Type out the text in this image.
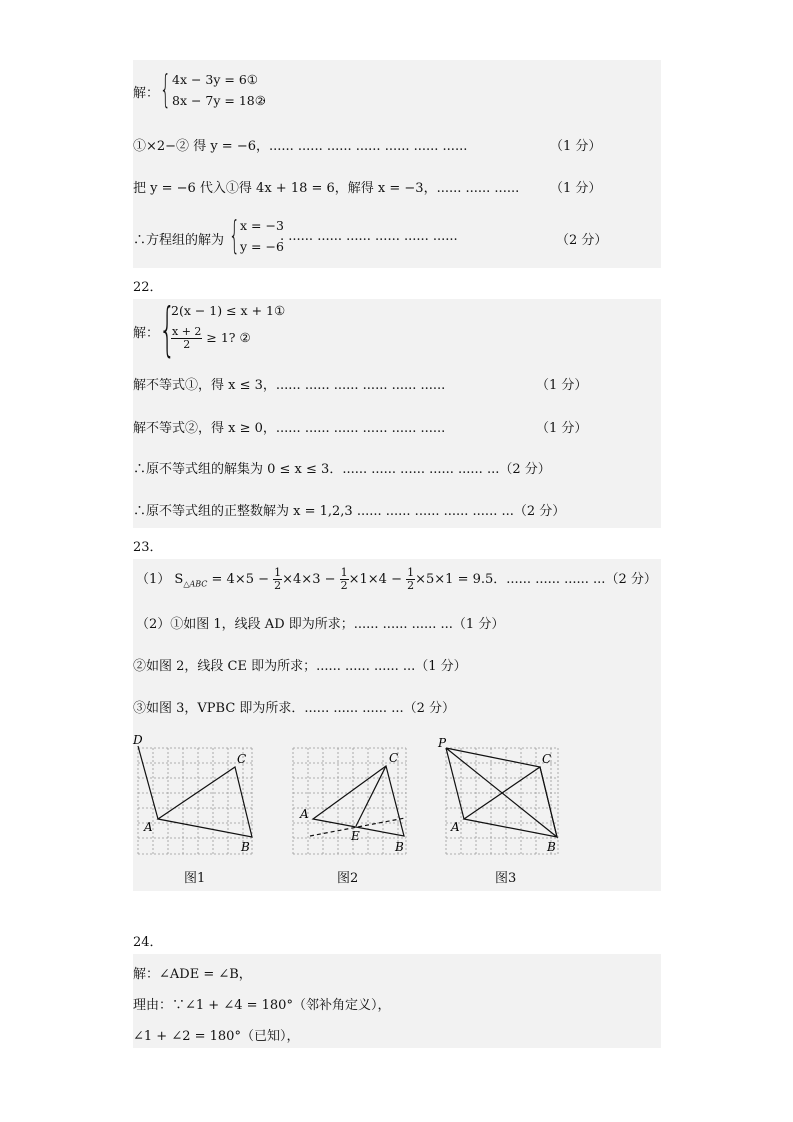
解： { 4x − 3y = 6①
8x − 7y = 18②
，
①×2−② 得 y = −6，...... ...... ...... ...... ...... ...... ......	（1 分）
把 y = −6 代入①得 4x + 18 = 6，解得 x = −3，...... ...... ...... （1 分）
∴方程组的解为 { x = −3
y = −6
. ...... ...... ...... ...... ...... ......	（2 分）
22．
解： {
2(x − 1) ≤ x + 1①
$\frac{x + 2}{2} \ge 1$? ②
解不等式①，得 x ≤ 3，...... ...... ...... ...... ...... ......	（1 分）
解不等式②，得 x ≥ 0，...... ...... ...... ...... ...... ......	（1 分）
∴原不等式组的解集为 0 ≤ x ≤ 3．...... ...... ...... ...... ...... ...（2 分）
∴原不等式组的正整数解为 x = 1,2,3 ...... ...... ...... ...... ...... ...（2 分）
23．
（1） $S_{\triangle ABC} = 4\times 5 - \frac{1}{2} \times 4\times 3 - \frac{1}{2} \times 1\times 4 - \frac{1}{2} \times 5\times 1 = 9.5$．...... ...... ...... ...（2 分）
（2）①如图 1，线段 AD 即为所求；...... ...... ...... ...（1 分）
②如图 2，线段 CE 即为所求；...... ...... ...... ...（1 分）
③如图 3，VPBC 即为所求．...... ...... ...... ...（2 分）
D
C
A
B
图1
C
A
E
B
图2
P
C
A
B
图3
24．
解：∠ADE = ∠B，
理由：∵∠1 + ∠4 = 180°（邻补角定义），
∠1 + ∠2 = 180°（已知），
